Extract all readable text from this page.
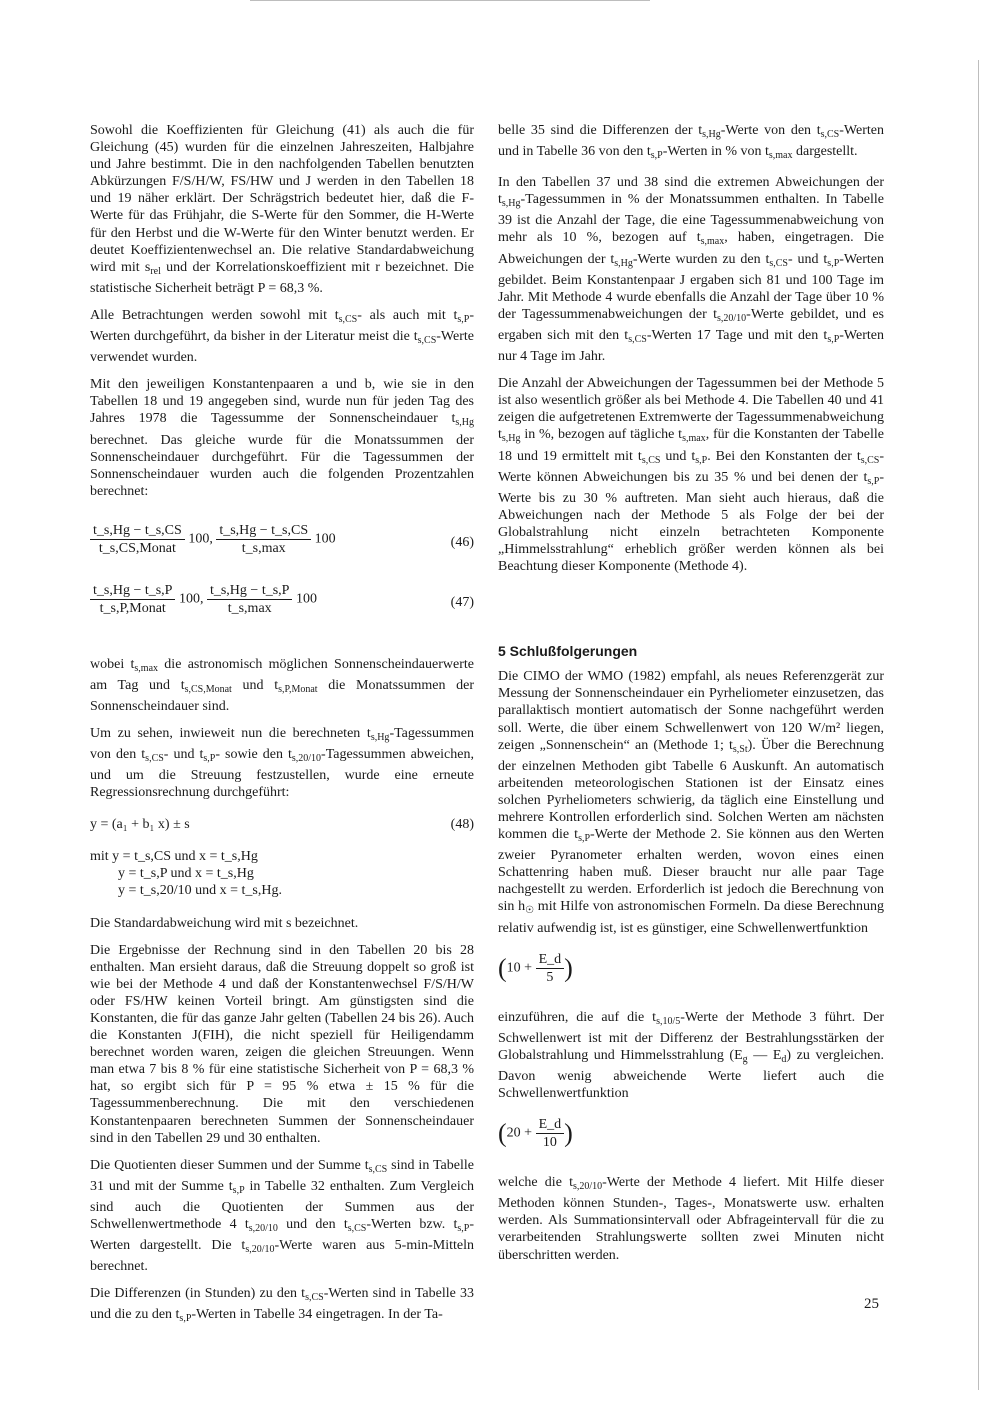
Sowohl die Koeffizienten für Gleichung (41) als auch die für Gleichung (45) wurden für die einzelnen Jahreszeiten, Halbjahre und Jahre bestimmt. Die in den nachfolgenden Tabellen benutzten Abkürzungen F/S/H/W, FS/HW und J werden in den Tabellen 18 und 19 näher erklärt. Der Schrägstrich bedeutet hier, daß die F-Werte für das Frühjahr, die S-Werte für den Sommer, die H-Werte für den Herbst und die W-Werte für den Winter benutzt werden. Er deutet Koeffizientenwechsel an. Die relative Standardabweichung wird mit $s_{rel}$ und der Korrelationskoeffizient mit r bezeichnet. Die statistische Sicherheit beträgt P = 68,3 %.

Alle Betrachtungen werden sowohl mit $t_{s,CS}-$ als auch mit $t_{s,P}$-Werten durchgeführt, da bisher in der Literatur meist die $t_{s,CS}$-Werte verwendet wurden.

Mit den jeweiligen Konstantenpaaren a und b, wie sie in den Tabellen 18 und 19 angegeben sind, wurde nun für jeden Tag des Jahres 1978 die Tagessumme der Sonnenscheindauer $t_{s,Hg}$ berechnet. Das gleiche wurde für die Monatssummen der Sonnenscheindauer durchgeführt. Für die Tagessummen der Sonnenscheindauer wurden auch die folgenden Prozentzahlen berechnet:

$\frac{t\_s,Hg - t\_s,CS}{\text{t\_s,CS,Monat}} 100$, $\frac{t\_s,Hg - t\_s,CS}{t\_s,\max} 100$	(46)
$\frac{t\_s,Hg - t\_s,P}{\text{t\_s,P,Monat}} 100$, $\frac{t\_s,Hg - t\_s,P}{t\_s,\max} 100$	(47)

wobei $t_{s,max}$ die astronomisch möglichen Sonnenscheindauerwerte am Tag und $t_{s,CS,Monat}$ und $t_{s,P,Monat}$ die Monatssummen der Sonnenscheindauer sind.

Um zu sehen, inwieweit nun die berechneten $t_{s,Hg}$-Tagessummen von den $t_{s,CS}-$ und $t_{s,P}-$ sowie den $t_{s,20/10}$-Tagessummen abweichen, und um die Streuung festzustellen, wurde eine erneute Regressionsrechnung durchgeführt:

y = (a₁ + b₁ x) ± s	(48)
mit y = t_s,CS und x = t_s,Hg
y = t_s,P und x = t_s,Hg
y = t_s,20/10 und x = t_s,Hg.

Die Standardabweichung wird mit s bezeichnet.

Die Ergebnisse der Rechnung sind in den Tabellen 20 bis 28 enthalten. Man ersieht daraus, daß die Streuung doppelt so groß ist wie bei der Methode 4 und daß der Konstantenwechsel F/S/H/W oder FS/HW keinen Vorteil bringt. Am günstigsten sind die Konstanten, die für das ganze Jahr gelten (Tabellen 24 bis 26). Auch die Konstanten J(FIH), die nicht speziell für Heiligendamm berechnet worden waren, zeigen die gleichen Streuungen. Wenn man etwa 7 bis 8 % für eine statistische Sicherheit von P = 68,3 % hat, so ergibt sich für P = 95 % etwa ± 15 % für die Tagessummenberechnung. Die mit den verschiedenen Konstantenpaaren berechneten Summen der Sonnenscheindauer sind in den Tabellen 29 und 30 enthalten.

Die Quotienten dieser Summen und der Summe $t_{s,CS}$ sind in Tabelle 31 und mit der Summe $t_{s,P}$ in Tabelle 32 enthalten. Zum Vergleich sind auch die Quotienten der Summen aus der Schwellenwertmethode 4 $t_{s,20/10}$ und den $t_{s,CS}$-Werten bzw. $t_{s,P}$-Werten dargestellt. Die $t_{s,20/10}$-Werte waren aus 5-min-Mitteln berechnet.

Die Differenzen (in Stunden) zu den $t_{s,CS}$-Werten sind in Tabelle 33 und die zu den $t_{s,P}$-Werten in Tabelle 34 eingetragen. In der Ta-

belle 35 sind die Differenzen der $t_{s,Hg}$-Werte von den $t_{s,CS}$-Werten und in Tabelle 36 von den $t_{s,P}$-Werten in % von $t_{s,max}$ dargestellt.

In den Tabellen 37 und 38 sind die extremen Abweichungen der $t_{s,Hg}$-Tagessummen in % der Monatssummen enthalten. In Tabelle 39 ist die Anzahl der Tage, die eine Tagessummenabweichung von mehr als 10 %, bezogen auf $t_{s,max}$, haben, eingetragen. Die Abweichungen der $t_{s,Hg}$-Werte wurden zu den $t_{s,CS}-$ und $t_{s,P}$-Werten gebildet. Beim Konstantenpaar J ergaben sich 81 und 100 Tage im Jahr. Mit Methode 4 wurde ebenfalls die Anzahl der Tage über 10 % der Tagessummenabweichungen der $t_{s,20/10}$-Werte gebildet, und es ergaben sich mit den $t_{s,CS}$-Werten 17 Tage und mit den $t_{s,P}$-Werten nur 4 Tage im Jahr.

Die Anzahl der Abweichungen der Tagessummen bei der Methode 5 ist also wesentlich größer als bei Methode 4. Die Tabellen 40 und 41 zeigen die aufgetretenen Extremwerte der Tagessummenabweichung $t_{s,Hg}$ in %, bezogen auf tägliche $t_{s,max}$, für die Konstanten der Tabelle 18 und 19 ermittelt mit $t_{s,CS}$ und $t_{s,P}$. Bei den Konstanten der $t_{s,CS}$-Werte können Abweichungen bis zu 35 % und bei denen der $t_{s,P}$-Werte bis zu 30 % auftreten. Man sieht auch hieraus, daß die Abweichungen nach der Methode 5 als Folge der bei der Globalstrahlung nicht einzeln betrachteten Komponente „Himmelsstrahlung“ erheblich größer werden können als bei Beachtung dieser Komponente (Methode 4).

5 Schlußfolgerungen

Die CIMO der WMO (1982) empfahl, als neues Referenzgerät zur Messung der Sonnenscheindauer ein Pyrheliometer einzusetzen, das parallaktisch montiert automatisch der Sonne nachgeführt werden soll. Werte, die über einem Schwellenwert von 120 W/m² liegen, zeigen „Sonnenschein“ an (Methode 1; $t_{s,St}$). Über die Berechnung der einzelnen Methoden gibt Tabelle 6 Auskunft. An automatisch arbeitenden meteorologischen Stationen ist der Einsatz eines solchen Pyrheliometers schwierig, da täglich eine Einstellung und mehrere Kontrollen erforderlich sind. Solchen Werten am nächsten kommen die $t_{s,P}$-Werte der Methode 2. Sie können aus den Werten zweier Pyranometer erhalten werden, wovon eines einen Schattenring haben muß. Dieser braucht nur alle paar Tage nachgestellt zu werden. Erforderlich ist jedoch die Berechnung von $\sin h_☉$ mit Hilfe von astronomischen Formeln. Da diese Berechnung relativ aufwendig ist, ist es günstiger, eine Schwellenwertfunktion

($10 + \frac{E\_d}{5}$ )

einzuführen, die auf die $t_{s,10/5}$-Werte der Methode 3 führt. Der Schwellenwert ist mit der Differenz der Bestrahlungsstärken der Globalstrahlung und Himmelsstrahlung ($E_g$ — $E_d$) zu vergleichen. Davon wenig abweichende Werte liefert auch die Schwellenwertfunktion

($20 + \frac{E\_d}{10}$ )

welche die $t_{s,20/10}$-Werte der Methode 4 liefert. Mit Hilfe dieser Methoden können Stunden-, Tages-, Monatswerte usw. erhalten werden. Als Summationsintervall oder Abfrageintervall für die zu verarbeitenden Strahlungswerte sollten zwei Minuten nicht überschritten werden.

25
